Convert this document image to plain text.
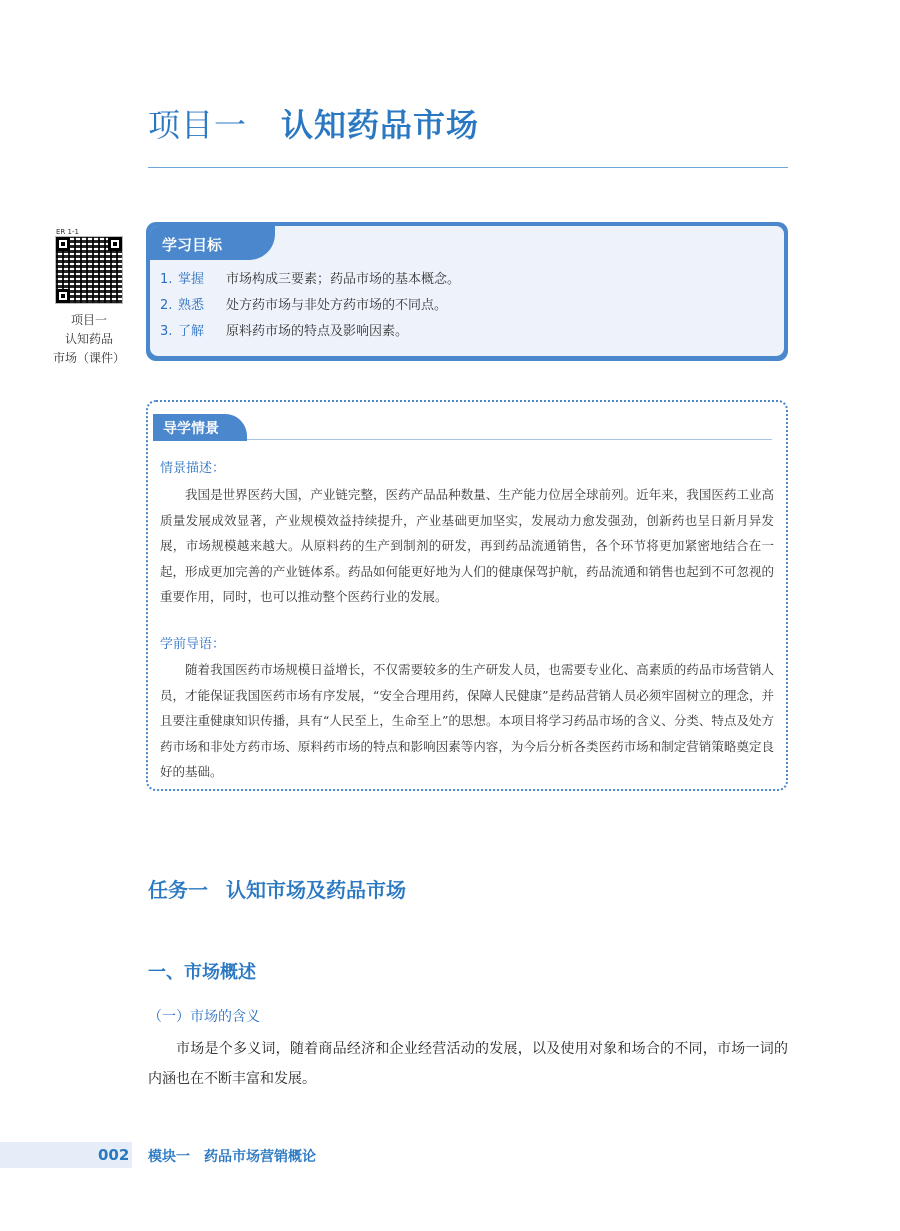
项目一 认知药品市场
ER 1-1
项目一
认知药品
市场（课件）
学习目标
1. 掌握 市场构成三要素；药品市场的基本概念。
2. 熟悉 处方药市场与非处方药市场的不同点。
3. 了解 原料药市场的特点及影响因素。
导学情景
情景描述：

我国是世界医药大国，产业链完整，医药产品品种数量、生产能力位居全球前列。近年来，我国医药工业高质量发展成效显著，产业规模效益持续提升，产业基础更加坚实，发展动力愈发强劲，创新药也呈日新月异发展，市场规模越来越大。从原料药的生产到制剂的研发，再到药品流通销售，各个环节将更加紧密地结合在一起，形成更加完善的产业链体系。药品如何能更好地为人们的健康保驾护航，药品流通和销售也起到不可忽视的重要作用，同时，也可以推动整个医药行业的发展。

学前导语：

随着我国医药市场规模日益增长，不仅需要较多的生产研发人员，也需要专业化、高素质的药品市场营销人员，才能保证我国医药市场有序发展，“安全合理用药，保障人民健康”是药品营销人员必须牢固树立的理念，并且要注重健康知识传播，具有“人民至上，生命至上”的思想。本项目将学习药品市场的含义、分类、特点及处方药市场和非处方药市场、原料药市场的特点和影响因素等内容，为今后分析各类医药市场和制定营销策略奠定良好的基础。

任务一 认知市场及药品市场
一、市场概述
（一）市场的含义

市场是个多义词，随着商品经济和企业经营活动的发展，以及使用对象和场合的不同，市场一词的内涵也在不断丰富和发展。

002 模块一 药品市场营销概论
